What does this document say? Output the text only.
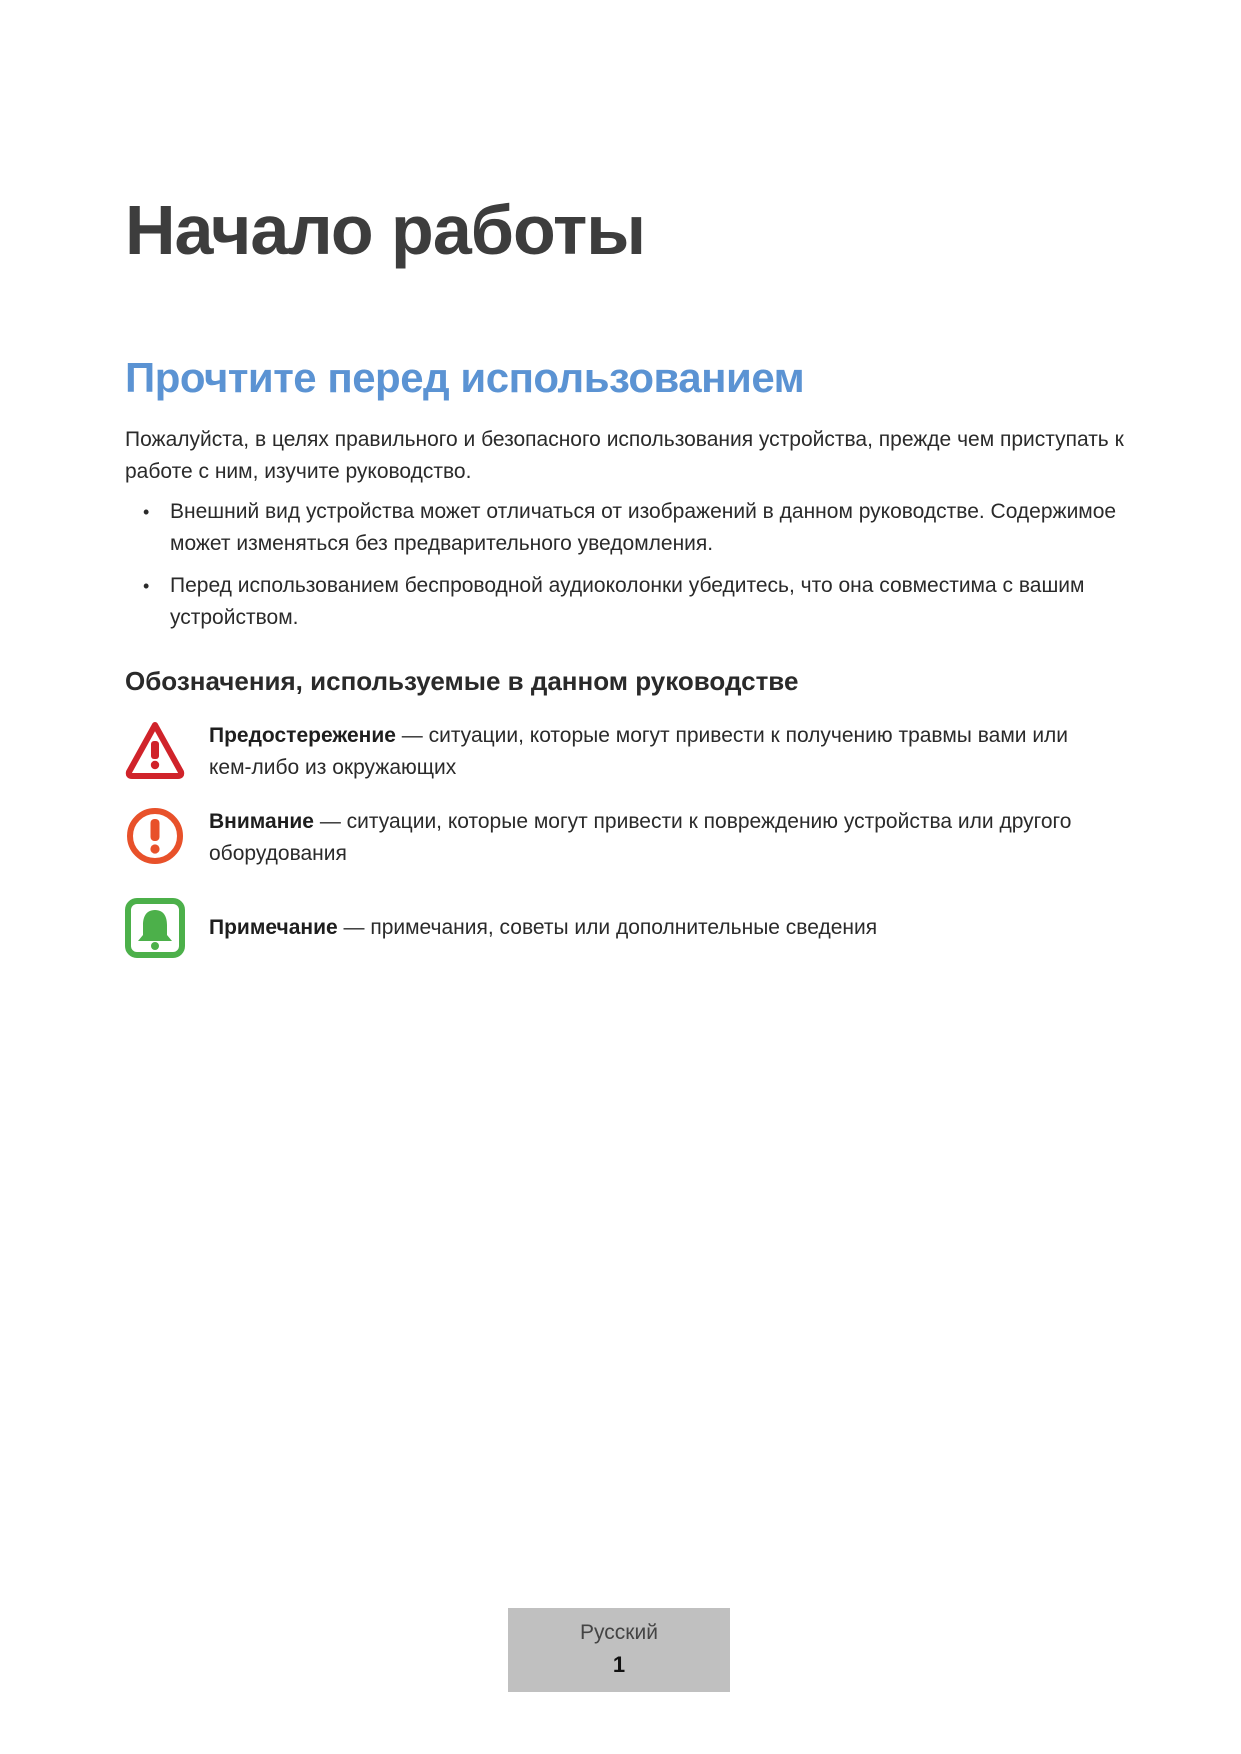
Начало работы
Прочтите перед использованием

Пожалуйста, в целях правильного и безопасного использования устройства, прежде чем приступать к работе с ним, изучите руководство.

• Внешний вид устройства может отличаться от изображений в данном руководстве. Содержимое может изменяться без предварительного уведомления.
• Перед использованием беспроводной аудиоколонки убедитесь, что она совместима с вашим устройством.
Обозначения, используемые в данном руководстве
Предостережение — ситуации, которые могут привести к получению травмы вами или кем-либо из окружающих
Внимание — ситуации, которые могут привести к повреждению устройства или другого оборудования
Примечание — примечания, советы или дополнительные сведения
Русский
1
